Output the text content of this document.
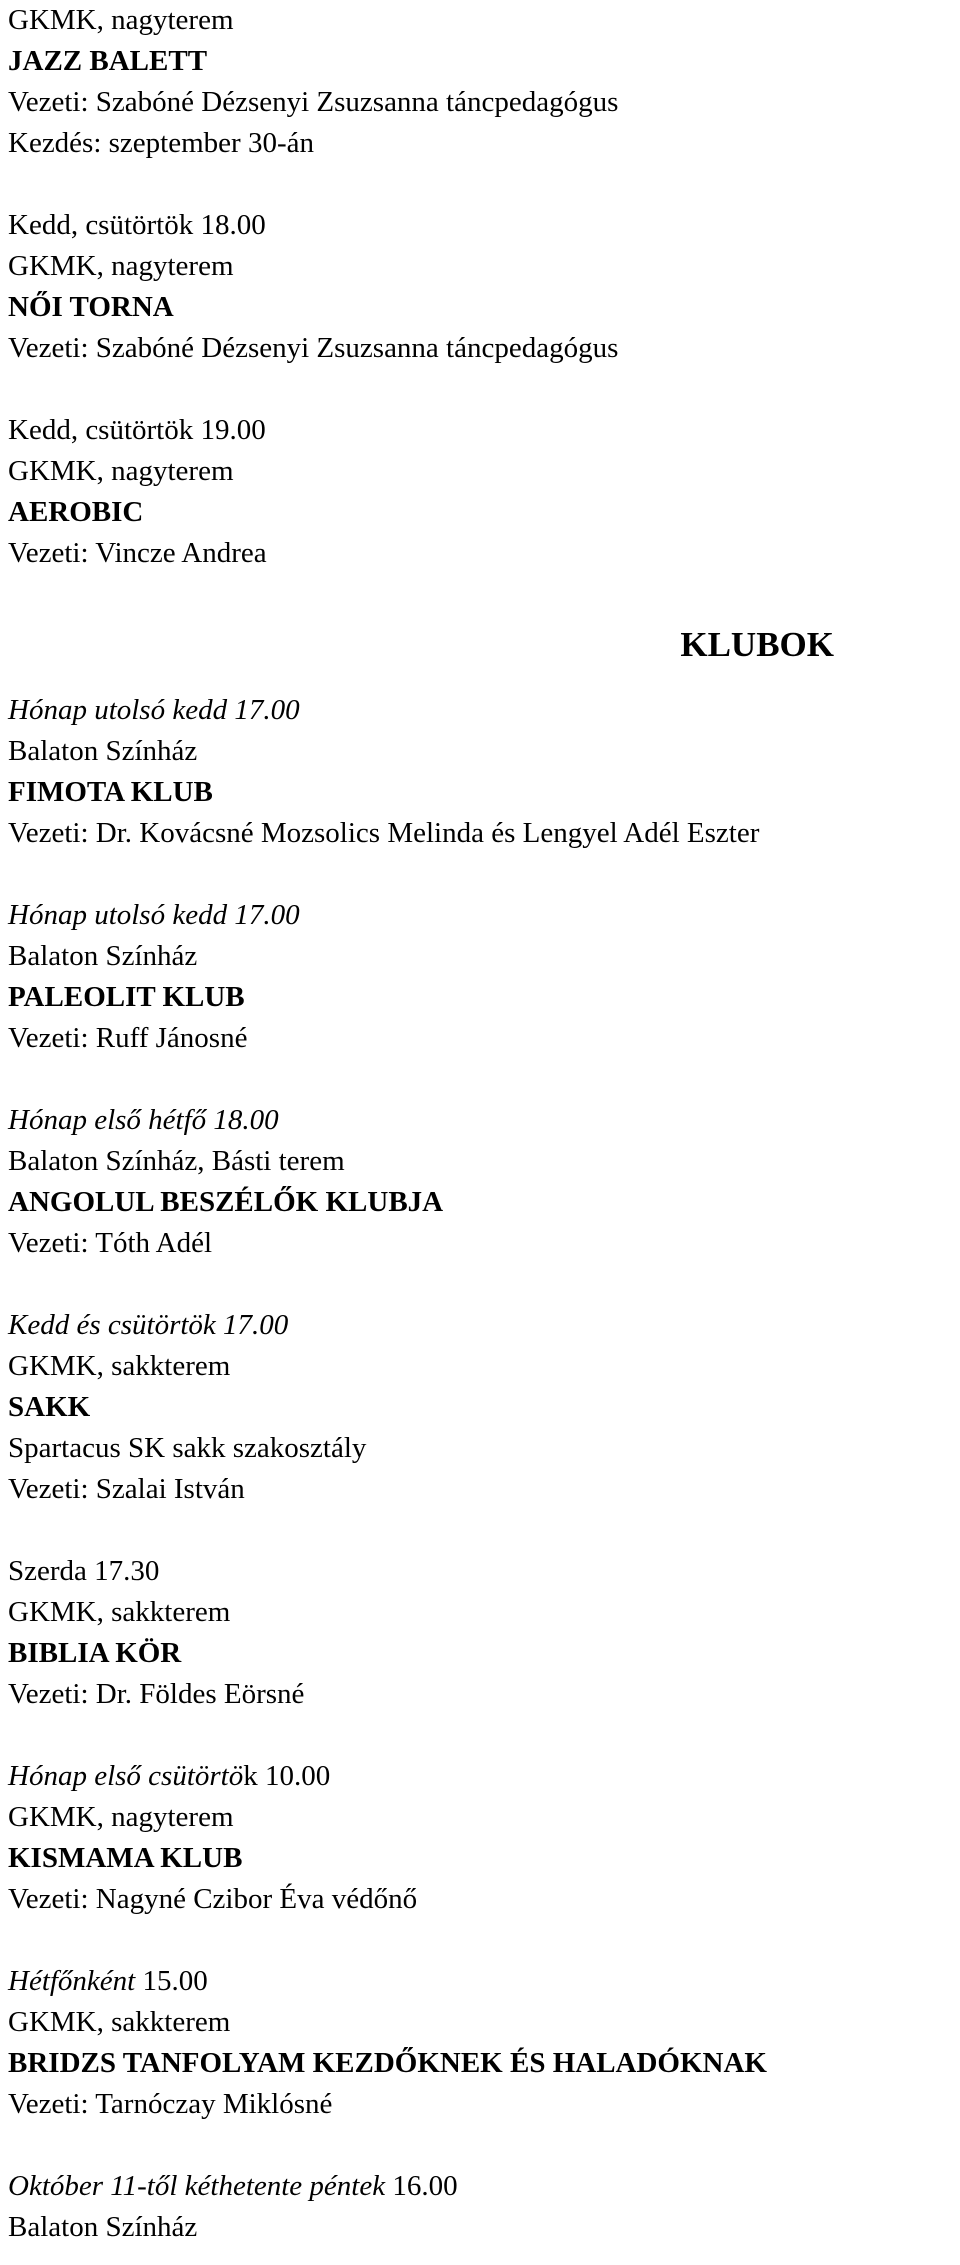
GKMK, nagyterem
JAZZ BALETT
Vezeti: Szabóné Dézsenyi Zsuzsanna táncpedagógus
Kezdés: szeptember 30-án
Kedd, csütörtök 18.00
GKMK, nagyterem
NŐI TORNA
Vezeti: Szabóné Dézsenyi Zsuzsanna táncpedagógus
Kedd, csütörtök 19.00
GKMK, nagyterem
AEROBIC
Vezeti: Vincze Andrea
KLUBOK
Hónap utolsó kedd 17.00
Balaton Színház
FIMOTA KLUB
Vezeti: Dr. Kovácsné Mozsolics Melinda és Lengyel Adél Eszter
Hónap utolsó kedd 17.00
Balaton Színház
PALEOLIT KLUB
Vezeti: Ruff Jánosné
Hónap első hétfő 18.00
Balaton Színház, Básti terem
ANGOLUL BESZÉLŐK KLUBJA
Vezeti: Tóth Adél
Kedd és csütörtök 17.00
GKMK, sakkterem
SAKK
Spartacus SK sakk szakosztály
Vezeti: Szalai István
Szerda 17.30
GKMK, sakkterem
BIBLIA KÖR
Vezeti: Dr. Földes Eörsné
Hónap első csütörtök 10.00
GKMK, nagyterem
KISMAMA KLUB
Vezeti: Nagyné Czibor Éva védőnő
Hétfőnként 15.00
GKMK, sakkterem
BRIDZS TANFOLYAM KEZDŐKNEK ÉS HALADÓKNAK
Vezeti: Tarnóczay Miklósné
Október 11-től kéthetente péntek 16.00
Balaton Színház
